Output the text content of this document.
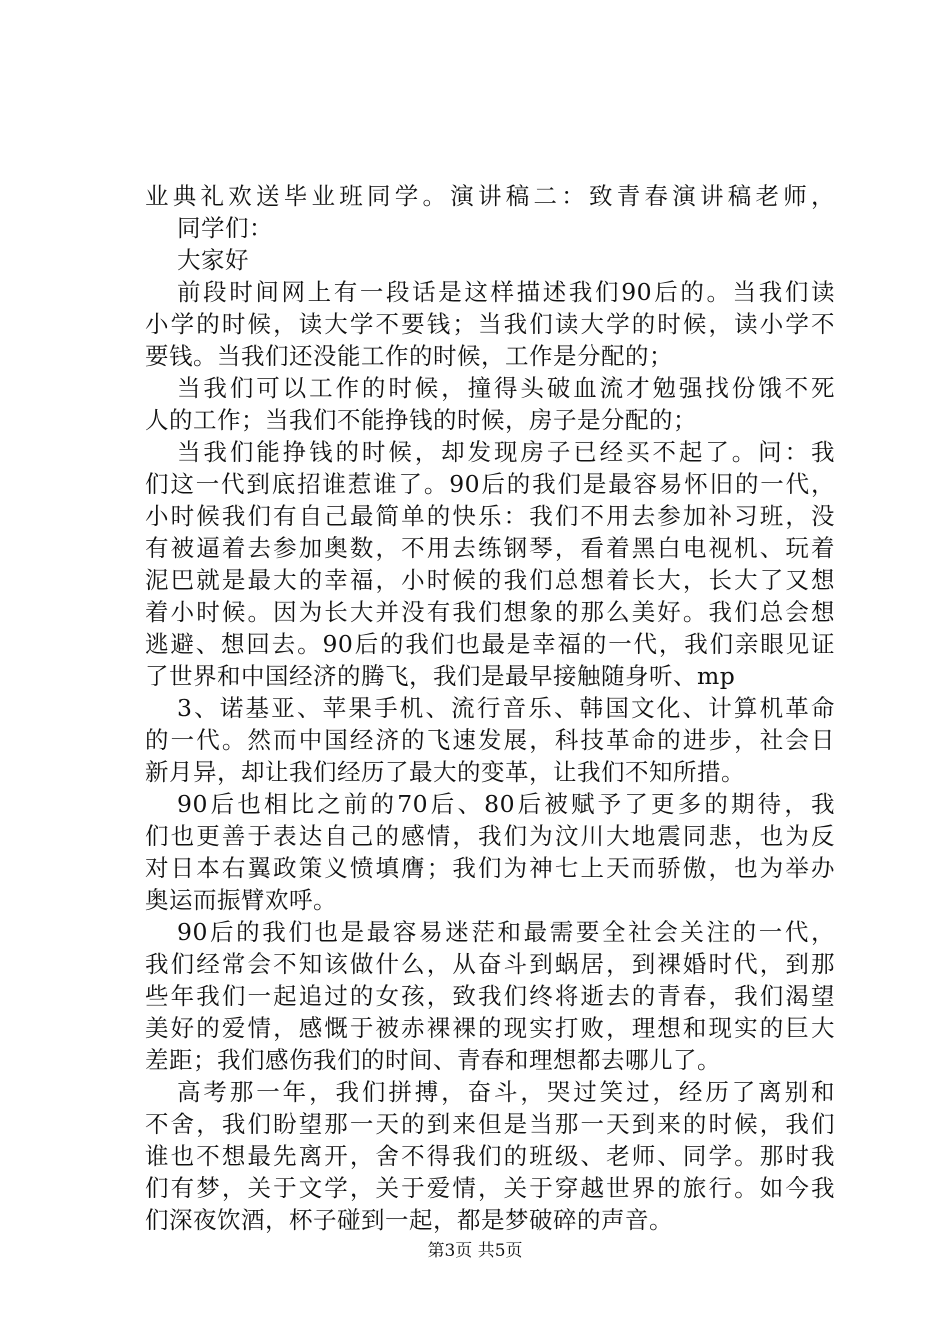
业典礼欢送毕业班同学。演讲稿二：致青春演讲稿老师，
同学们：
大家好
前段时间网上有一段话是这样描述我们90后的。当我们读
小学的时候，读大学不要钱；当我们读大学的时候，读小学不
要钱。当我们还没能工作的时候，工作是分配的；
当我们可以工作的时候，撞得头破血流才勉强找份饿不死
人的工作；当我们不能挣钱的时候，房子是分配的；
当我们能挣钱的时候，却发现房子已经买不起了。问：我
们这一代到底招谁惹谁了。90后的我们是最容易怀旧的一代，
小时候我们有自己最简单的快乐：我们不用去参加补习班，没
有被逼着去参加奥数，不用去练钢琴，看着黑白电视机、玩着
泥巴就是最大的幸福，小时候的我们总想着长大，长大了又想
着小时候。因为长大并没有我们想象的那么美好。我们总会想
逃避、想回去。90后的我们也最是幸福的一代，我们亲眼见证
了世界和中国经济的腾飞，我们是最早接触随身听、mp
3、诺基亚、苹果手机、流行音乐、韩国文化、计算机革命
的一代。然而中国经济的飞速发展，科技革命的进步，社会日
新月异，却让我们经历了最大的变革，让我们不知所措。
90后也相比之前的70后、80后被赋予了更多的期待，我
们也更善于表达自己的感情，我们为汶川大地震同悲，也为反
对日本右翼政策义愤填膺；我们为神七上天而骄傲，也为举办
奥运而振臂欢呼。
90后的我们也是最容易迷茫和最需要全社会关注的一代，
我们经常会不知该做什么，从奋斗到蜗居，到裸婚时代，到那
些年我们一起追过的女孩，致我们终将逝去的青春，我们渴望
美好的爱情，感慨于被赤裸裸的现实打败，理想和现实的巨大
差距；我们感伤我们的时间、青春和理想都去哪儿了。
高考那一年，我们拼搏，奋斗，哭过笑过，经历了离别和
不舍，我们盼望那一天的到来但是当那一天到来的时候，我们
谁也不想最先离开，舍不得我们的班级、老师、同学。那时我
们有梦，关于文学，关于爱情，关于穿越世界的旅行。如今我
们深夜饮酒，杯子碰到一起，都是梦破碎的声音。
第3页 共5页
